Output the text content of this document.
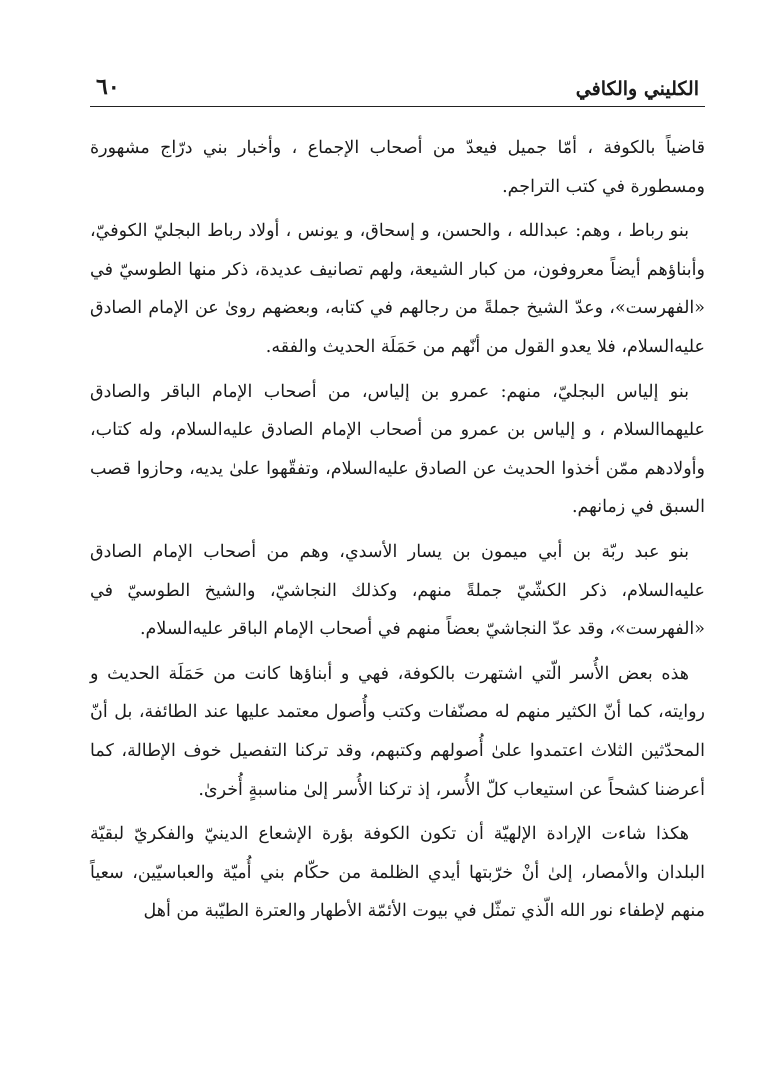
الكليني والكافي
٦٠

قاضياً بالكوفة ، أمّا جميل فيعدّ من أصحاب الإجماع ، وأخبار بني درّاج مشهورة ومسطورة في كتب التراجم.

بنو رباط ، وهم: عبدالله ، والحسن، و إسحاق، و يونس ، أولاد رباط البجليّ الكوفيّ، وأبناؤهم أيضاً معروفون، من كبار الشيعة، ولهم تصانيف عديدة، ذكر منها الطوسيّ في «الفهرست»، وعدّ الشيخ جملةً من رجالهم في كتابه، وبعضهم روىٰ عن الإمام الصادق عليه‌السلام، فلا يعدو القول من أنّهم من حَمَلَة الحديث والفقه.

بنو إلياس البجليّ، منهم: عمرو بن إلياس، من أصحاب الإمام الباقر والصادق عليهما‌السلام ، و إلياس بن عمرو من أصحاب الإمام الصادق عليه‌السلام، وله كتاب، وأولادهم ممّن أخذوا الحديث عن الصادق عليه‌السلام، وتفقّهوا علىٰ يديه، وحازوا قصب السبق في زمانهم.

بنو عبد ربّة بن أبي ميمون بن يسار الأسدي، وهم من أصحاب الإمام الصادق عليه‌السلام، ذكر الكشّيّ جملةً منهم، وكذلك النجاشيّ، والشيخ الطوسيّ في «الفهرست»، وقد عدّ النجاشيّ بعضاً منهم في أصحاب الإمام الباقر عليه‌السلام.

هذه بعض الأُسر الّتي اشتهرت بالكوفة، فهي و أبناؤها كانت من حَمَلَة الحديث و روايته، كما أنّ الكثير منهم له مصنّفات وكتب وأُصول معتمد عليها عند الطائفة، بل أنّ المحدّثين الثلاث اعتمدوا علىٰ أُصولهم وكتبهم، وقد تركنا التفصيل خوف الإطالة، كما أعرضنا كشحاً عن استيعاب كلّ الأُسر، إذ تركنا الأُسر إلىٰ مناسبةٍ أُخرىٰ.

هكذا شاءت الإرادة الإلهيّة أن تكون الكوفة بؤرة الإشعاع الدينيّ والفكريّ لبقيّة البلدان والأمصار، إلىٰ أنْ خرّبتها أيدي الظلمة من حكّام بني أُميّة والعباسيّين، سعياً منهم لإطفاء نور الله الّذي تمثّل في بيوت الأئمّة الأطهار والعترة الطيّبة من أهل
